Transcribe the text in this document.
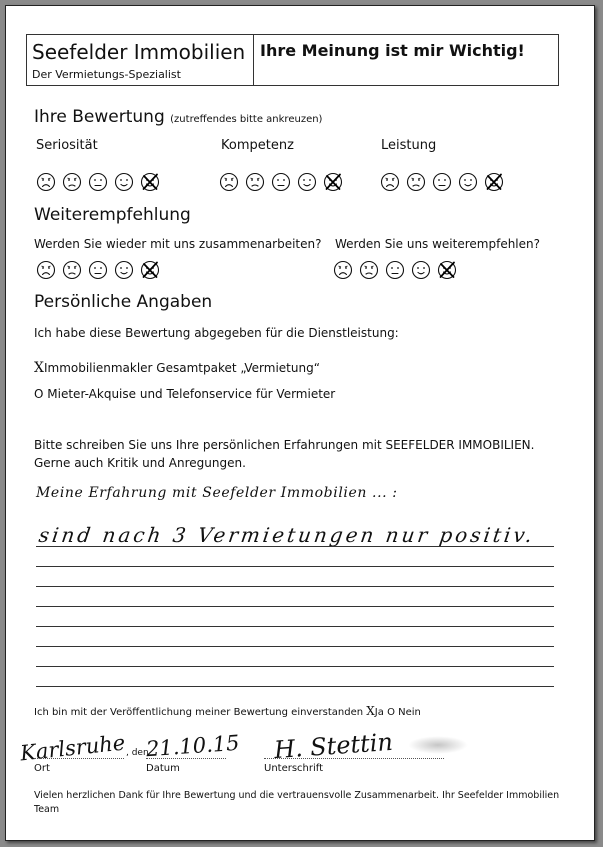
Seefelder Immobilien
Der Vermietungs-Spezialist
Ihre Meinung ist mir Wichtig!
Ihre Bewertung (zutreffendes bitte ankreuzen)
Seriosität	Kompetenz	Leistung
Weiterempfehlung
Werden Sie wieder mit uns zusammenarbeiten? Werden Sie uns weiterempfehlen?
Persönliche Angaben
Ich habe diese Bewertung abgegeben für die Dienstleistung:
XImmobilienmakler Gesamtpaket „Vermietung“
O Mieter-Akquise und Telefonservice für Vermieter
Bitte schreiben Sie uns Ihre persönlichen Erfahrungen mit SEEFELDER IMMOBILIEN.
Gerne auch Kritik und Anregungen.
Meine Erfahrung mit Seefelder Immobilien ... :
sind nach 3 Vermietungen nur positiv.
Ich bin mit der Veröffentlichung meiner Bewertung einverstanden XJa O Nein
Karlsruhe , den
21.10.15 H. Stettin
Ort	Datum	Unterschrift
Vielen herzlichen Dank für Ihre Bewertung und die vertrauensvolle Zusammenarbeit. Ihr Seefelder Immobilien
Team
